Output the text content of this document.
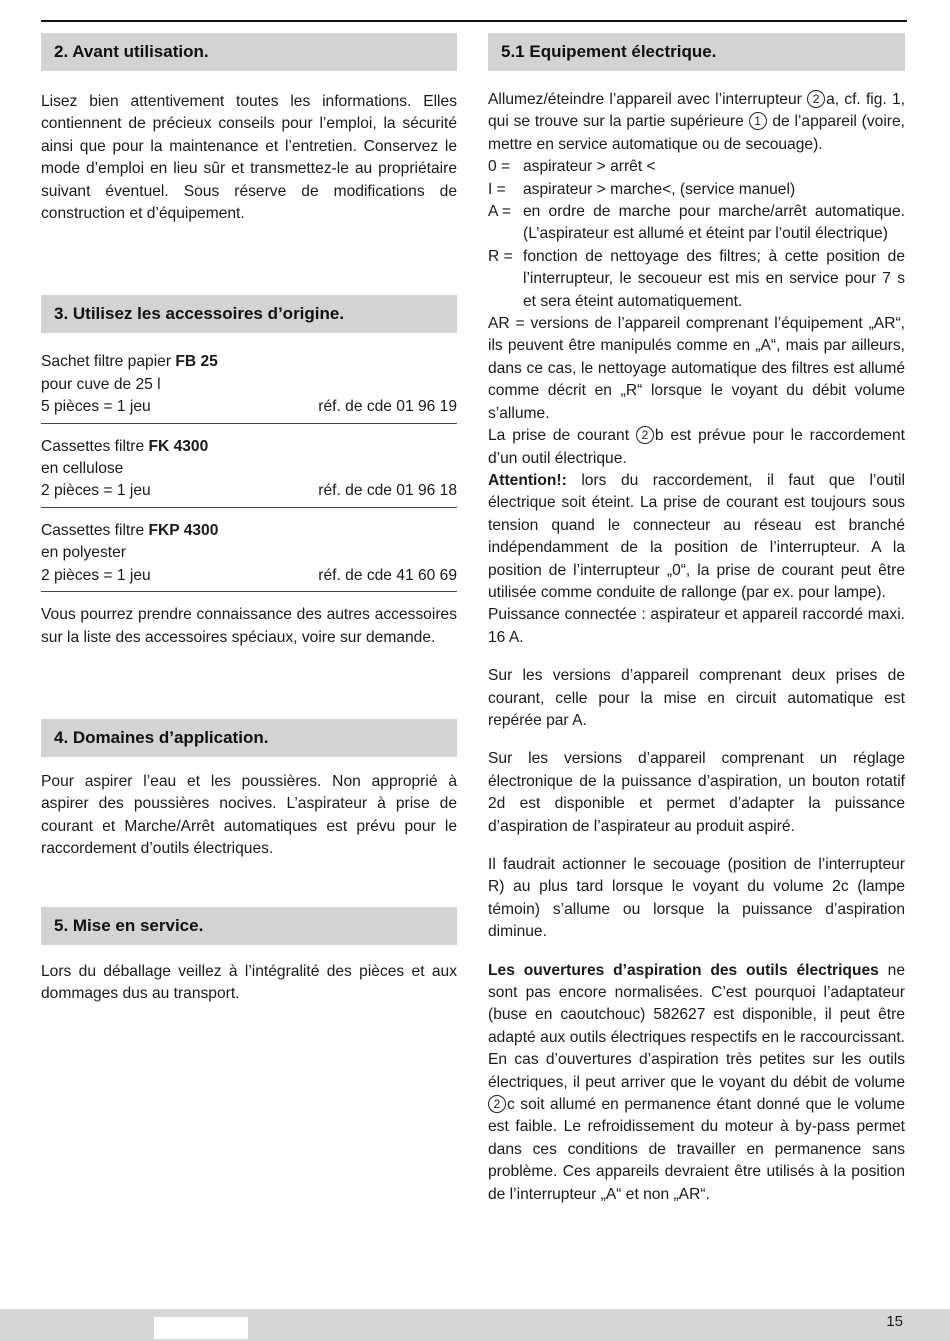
2. Avant utilisation.

Lisez bien attentivement toutes les informations. Elles contiennent de précieux conseils pour l’emploi, la sécurité ainsi que pour la maintenance et l’entretien. Conservez le mode d’emploi en lieu sûr et transmettez-le au propriétaire suivant éventuel. Sous réserve de modifications de construction et d’équipement.

3. Utilisez les accessoires d’origine.
Sachet filtre papier FB 25
pour cuve de 25 l
5 pièces = 1 jeu	réf. de cde 01 96 19
Cassettes filtre FK 4300
en cellulose
2 pièces = 1 jeu	réf. de cde 01 96 18
Cassettes filtre FKP 4300
en polyester
2 pièces = 1 jeu	réf. de cde 41 60 69

Vous pourrez prendre connaissance des autres accessoires sur la liste des accessoires spéciaux, voire sur demande.

4. Domaines d’application.

Pour aspirer l’eau et les poussières. Non approprié à aspirer des poussières nocives. L’aspirateur à prise de courant et Marche/Arrêt automatiques est prévu pour le raccordement d’outils électriques.

5. Mise en service.

Lors du déballage veillez à l’intégralité des pièces et aux dommages dus au transport.

5.1 Equipement électrique.

Allumez/éteindre l’appareil avec l’interrupteur 2 a, cf. fig. 1, qui se trouve sur la partie supérieure 1 de l’appareil (voire, mettre en service automatique ou de secouage).

0 = aspirateur > arrêt <
I =	aspirateur > marche<, (service manuel)
A = en ordre de marche pour marche/arrêt automatique. (L’aspirateur est allumé et éteint par l’outil électrique)
R = fonction de nettoyage des filtres; à cette position de l’interrupteur, le secoueur est mis en service pour 7 s et sera éteint automatiquement.

AR = versions de l’appareil comprenant l’équipement „AR“, ils peuvent être manipulés comme en „A“, mais par ailleurs, dans ce cas, le nettoyage automatique des filtres est allumé comme décrit en „R“ lorsque le voyant du débit volume s’allume.

La prise de courant 2 b est prévue pour le raccordement d’un outil électrique.

Attention!: lors du raccordement, il faut que l’outil électrique soit éteint. La prise de courant est toujours sous tension quand le connecteur au réseau est branché indépendamment de la position de l’interrupteur. A la position de l’interrupteur „0“, la prise de courant peut être utilisée comme conduite de rallonge (par ex. pour lampe).

Puissance connectée : aspirateur et appareil raccordé maxi. 16 A.

Sur les versions d’appareil comprenant deux prises de courant, celle pour la mise en circuit automatique est repérée par A.

Sur les versions d’appareil comprenant un réglage électronique de la puissance d’aspiration, un bouton rotatif 2d est disponible et permet d’adapter la puissance d’aspiration de l’aspirateur au produit aspiré.

Il faudrait actionner le secouage (position de l’interrupteur R) au plus tard lorsque le voyant du volume 2c (lampe témoin) s’allume ou lorsque la puissance d’aspiration diminue.

Les ouvertures d’aspiration des outils électriques ne sont pas encore normalisées. C’est pourquoi l’adaptateur (buse en caoutchouc) 582627 est disponible, il peut être adapté aux outils électriques respectifs en le raccourcissant. En cas d’ouvertures d’aspiration très petites sur les outils électriques, il peut arriver que le voyant du débit de volume 2 c soit allumé en permanence étant donné que le volume est faible. Le refroidissement du moteur à by-pass permet dans ces conditions de travailler en permanence sans problème. Ces appareils devraient être utilisés à la position de l’interrupteur „A“ et non „AR“.

15
